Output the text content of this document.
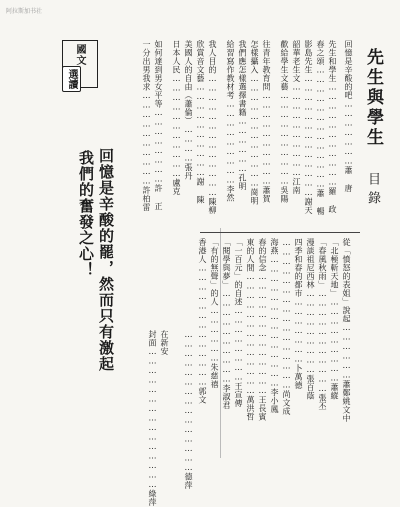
阿拉斯加书社
先生與學生
目錄
從「憤怒的表姐」說起………………蕭鄭姚文中
「北極斬天地」………………………蕭縱
「春風秋雨」……………………………張丕
漫談祖尼西林………………………張百蔭
四季和春的都市…………………卜萬德
…………………………………………尚文成
海燕……………………………………李小鳳
春的信念…………………………………王長賓
東的人間…………………………………萬洪哲
「一百元」的自述……………………王宣傳
「閱學與夢」…………………………李淑君
「有的無聲」的人………………朱慈禧
香港人…………………………………郭文
回憶是辛酸的吧…………………蕭 唐
先生和學生……………………………羅 政
春之頌…………………………………蕭 暢
影島先生…………………………………謝天
韶華老生文…………………………江南
歡給學生文藝…………………………吳陽
往青年教育問…………………………蕭賀
怎樣攝入………………………………崗明
我們應怎樣選擇書籍………………孔明
給習寫作教材考………………………李然
我人目的…………………………………陳柳
欣賞音文藝…………………………謝 陳
美國人的自由（蕭倫）…………張丹
日本人民……………………………盧克
如何達到男女平等……………………許 正
一分出男我求…………………………許柏雷
在新安
封面………………………………………綠萍	………………………………………德萍
回憶是辛酸的罷，然而只有激起
我們的奮發之心！
國文
選讀
